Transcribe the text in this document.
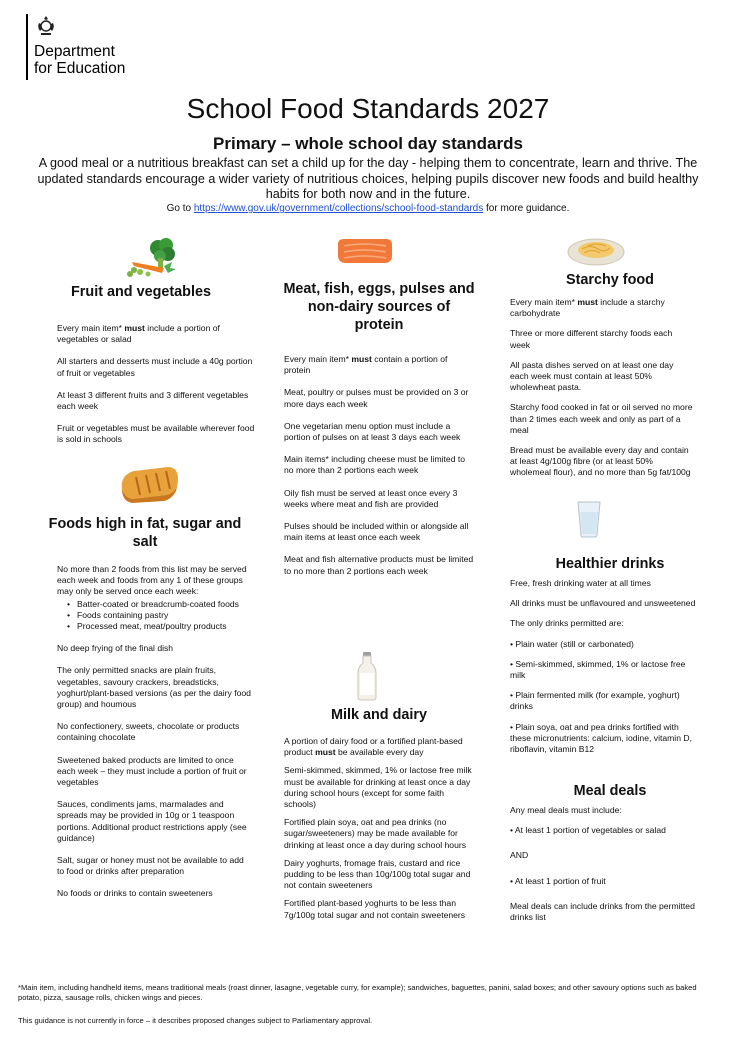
Department
for Education
School Food Standards 2027
Primary – whole school day standards
A good meal or a nutritious breakfast can set a child up for the day - helping them to concentrate, learn and thrive. The updated standards encourage a wider variety of nutritious choices, helping pupils discover new foods and build healthy habits for both now and in the future.
Go to https://www.gov.uk/government/collections/school-food-standards for more guidance.
Fruit and vegetables

Every main item* must include a portion of vegetables or salad

All starters and desserts must include a 40g portion of fruit or vegetables

At least 3 different fruits and 3 different vegetables each week

Fruit or vegetables must be available wherever food is sold in schools

Foods high in fat, sugar and salt

No more than 2 foods from this list may be served each week and foods from any 1 of these groups may only be served once each week:

• Batter-coated or breadcrumb-coated foods
• Foods containing pastry
• Processed meat, meat/poultry products

No deep frying of the final dish

The only permitted snacks are plain fruits, vegetables, savoury crackers, breadsticks, yoghurt/plant-based versions (as per the dairy food group) and houmous

No confectionery, sweets, chocolate or products containing chocolate

Sweetened baked products are limited to once each week – they must include a portion of fruit or vegetables

Sauces, condiments jams, marmalades and spreads may be provided in 10g or 1 teaspoon portions. Additional product restrictions apply (see guidance)

Salt, sugar or honey must not be available to add to food or drinks after preparation

No foods or drinks to contain sweeteners

Meat, fish, eggs, pulses and non-dairy sources of protein

Every main item* must contain a portion of protein

Meat, poultry or pulses must be provided on 3 or more days each week

One vegetarian menu option must include a portion of pulses on at least 3 days each week

Main items* including cheese must be limited to no more than 2 portions each week

Oily fish must be served at least once every 3 weeks where meat and fish are provided

Pulses should be included within or alongside all main items at least once each week

Meat and fish alternative products must be limited to no more than 2 portions each week

Milk and dairy

A portion of dairy food or a fortified plant-based product must be available every day

Semi-skimmed, skimmed, 1% or lactose free milk must be available for drinking at least once a day during school hours (except for some faith schools)

Fortified plain soya, oat and pea drinks (no sugar/sweeteners) may be made available for drinking at least once a day during school hours

Dairy yoghurts, fromage frais, custard and rice pudding to be less than 10g/100g total sugar and not contain sweeteners

Fortified plant-based yoghurts to be less than 7g/100g total sugar and not contain sweeteners

Starchy food

Every main item* must include a starchy carbohydrate

Three or more different starchy foods each week

All pasta dishes served on at least one day each week must contain at least 50% wholewheat pasta.

Starchy food cooked in fat or oil served no more than 2 times each week and only as part of a meal

Bread must be available every day and contain at least 4g/100g fibre (or at least 50% wholemeal flour), and no more than 5g fat/100g

Healthier drinks

Free, fresh drinking water at all times

All drinks must be unflavoured and unsweetened

The only drinks permitted are:

• Plain water (still or carbonated)

• Semi-skimmed, skimmed, 1% or lactose free milk

• Plain fermented milk (for example, yoghurt) drinks

• Plain soya, oat and pea drinks fortified with these micronutrients: calcium, iodine, vitamin D, riboflavin, vitamin B12

Meal deals

Any meal deals must include:

• At least 1 portion of vegetables or salad

AND

• At least 1 portion of fruit

Meal deals can include drinks from the permitted drinks list

*Main item, including handheld items, means traditional meals (roast dinner, lasagne, vegetable curry, for example); sandwiches, baguettes, panini, salad boxes; and other savoury options such as baked potato, pizza, sausage rolls, chicken wings and pieces.
This guidance is not currently in force – it describes proposed changes subject to Parliamentary approval.
